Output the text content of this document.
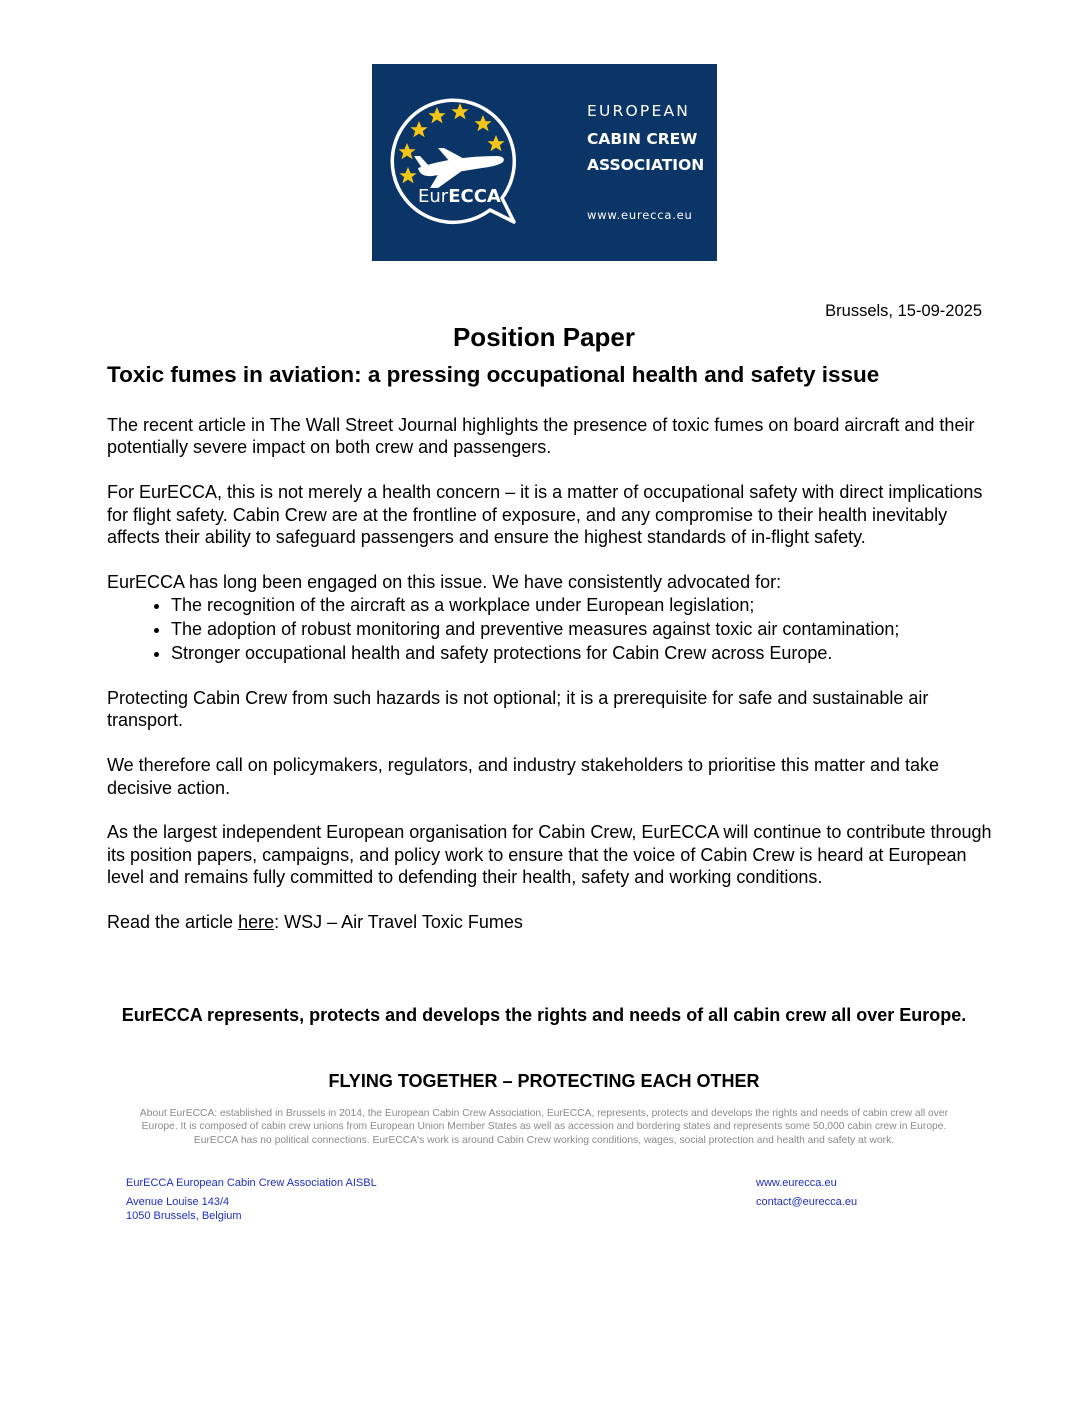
EurECCA
EUROPEAN
CABIN CREW
ASSOCIATION
www.eurecca.eu
Brussels, 15-09-2025
Position Paper
Toxic fumes in aviation: a pressing occupational health and safety issue

The recent article in The Wall Street Journal highlights the presence of toxic fumes on board aircraft and their potentially severe impact on both crew and passengers.

For EurECCA, this is not merely a health concern – it is a matter of occupational safety with direct implications for flight safety. Cabin Crew are at the frontline of exposure, and any compromise to their health inevitably affects their ability to safeguard passengers and ensure the highest standards of in-flight safety.

EurECCA has long been engaged on this issue. We have consistently advocated for:

• The recognition of the aircraft as a workplace under European legislation;
• The adoption of robust monitoring and preventive measures against toxic air contamination;
• Stronger occupational health and safety protections for Cabin Crew across Europe.

Protecting Cabin Crew from such hazards is not optional; it is a prerequisite for safe and sustainable air transport.

We therefore call on policymakers, regulators, and industry stakeholders to prioritise this matter and take decisive action.

As the largest independent European organisation for Cabin Crew, EurECCA will continue to contribute through its position papers, campaigns, and policy work to ensure that the voice of Cabin Crew is heard at European level and remains fully committed to defending their health, safety and working conditions.

Read the article here: WSJ – Air Travel Toxic Fumes

EurECCA represents, protects and develops the rights and needs of all cabin crew all over Europe.
FLYING TOGETHER – PROTECTING EACH OTHER
About EurECCA: established in Brussels in 2014, the European Cabin Crew Association, EurECCA, represents, protects and develops the rights and needs of cabin crew all over Europe. It is composed of cabin crew unions from European Union Member States as well as accession and bordering states and represents some 50,000 cabin crew in Europe. EurECCA has no political connections. EurECCA's work is around Cabin Crew working conditions, wages, social protection and health and safety at work.
EurECCA European Cabin Crew Association AISBL
Avenue Louise 143/4
1050 Brussels, Belgium
www.eurecca.eu
contact@eurecca.eu
